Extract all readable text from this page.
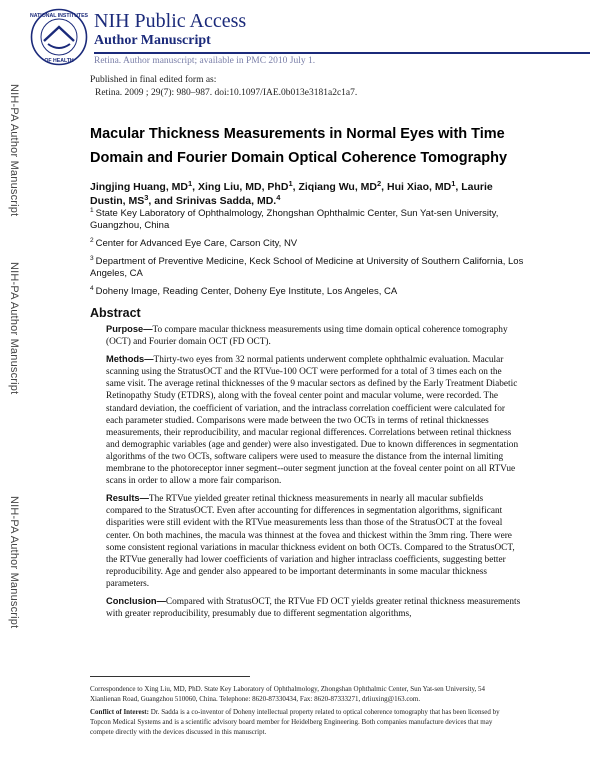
NIH-PA Author Manuscript
NIH-PA Author Manuscript
NIH-PA Author Manuscript
NATIONAL INSTITUTES
OF HEALTH
NIH Public Access
Author Manuscript
Retina. Author manuscript; available in PMC 2010 July 1.
Published in final edited form as:
Retina. 2009 ; 29(7): 980–987. doi:10.1097/IAE.0b013e3181a2c1a7.
Macular Thickness Measurements in Normal Eyes with Time Domain and Fourier Domain Optical Coherence Tomography
Jingjing Huang, $MD^1$, Xing Liu, MD, PhD$^1$, Ziqiang Wu, $MD^2$, Hui Xiao, $MD^1$, Laurie Dustin, $MS^3$, and Srinivas Sadda, MD.$^4$
$^1$ State Key Laboratory of Ophthalmology, Zhongshan Ophthalmic Center, Sun Yat-sen University, Guangzhou, China
$^2$ Center for Advanced Eye Care, Carson City, NV
$^3$ Department of Preventive Medicine, Keck School of Medicine at University of Southern California, Los Angeles, CA
$^4$ Doheny Image, Reading Center, Doheny Eye Institute, Los Angeles, CA
Abstract
Purpose—To compare macular thickness measurements using time domain optical coherence tomography (OCT) and Fourier domain OCT (FD OCT).
Methods—Thirty-two eyes from 32 normal patients underwent complete ophthalmic evaluation. Macular scanning using the StratusOCT and the RTVue-100 OCT were performed for a total of 3 times each on the same visit. The average retinal thicknesses of the 9 macular sectors as defined by the Early Treatment Diabetic Retinopathy Study (ETDRS), along with the foveal center point and macular volume, were recorded. The standard deviation, the coefficient of variation, and the intraclass correlation coefficient were calculated for each parameter studied. Comparisons were made between the two OCTs in terms of retinal thicknesses measurements, their reproducibility, and macular regional differences. Correlations between retinal thickness and demographic variables (age and gender) were also investigated. Due to known differences in segmentation algorithms of the two OCTs, software calipers were used to measure the distance from the internal limiting membrane to the photoreceptor inner segment--outer segment junction at the foveal center point on all RTVue scans in order to allow a more fair comparison.
Results—The RTVue yielded greater retinal thickness measurements in nearly all macular subfields compared to the StratusOCT. Even after accounting for differences in segmentation algorithms, significant disparities were still evident with the RTVue measurements less than those of the StratusOCT at the foveal center. On both machines, the macula was thinnest at the fovea and thickest within the 3mm ring. There were some consistent regional variations in macular thickness evident on both OCTs. Compared to the StratusOCT, the RTVue generally had lower coefficients of variation and higher intraclass coefficients, suggesting better reproducibility. Age and gender also appeared to be important determinants in some macular thickness parameters.
Conclusion—Compared with StratusOCT, the RTVue FD OCT yields greater retinal thickness measurements with greater reproducibility, presumably due to different segmentation algorithms,
Correspondence to Xing Liu, MD, PhD. State Key Laboratory of Ophthalmology, Zhongshan Ophthalmic Center, Sun Yat-sen University, 54 Xianlienan Road, Guangzhou 510060, China. Telephone: 8620-87330434, Fax: 8620-87333271, drliuxing@163.com.
Conflict of Interest: Dr. Sadda is a co-inventor of Doheny intellectual property related to optical coherence tomography that has been licensed by Topcon Medical Systems and is a scientific advisory board member for Heidelberg Engineering. Both companies manufacture devices that may compete directly with the devices discussed in this manuscript.
